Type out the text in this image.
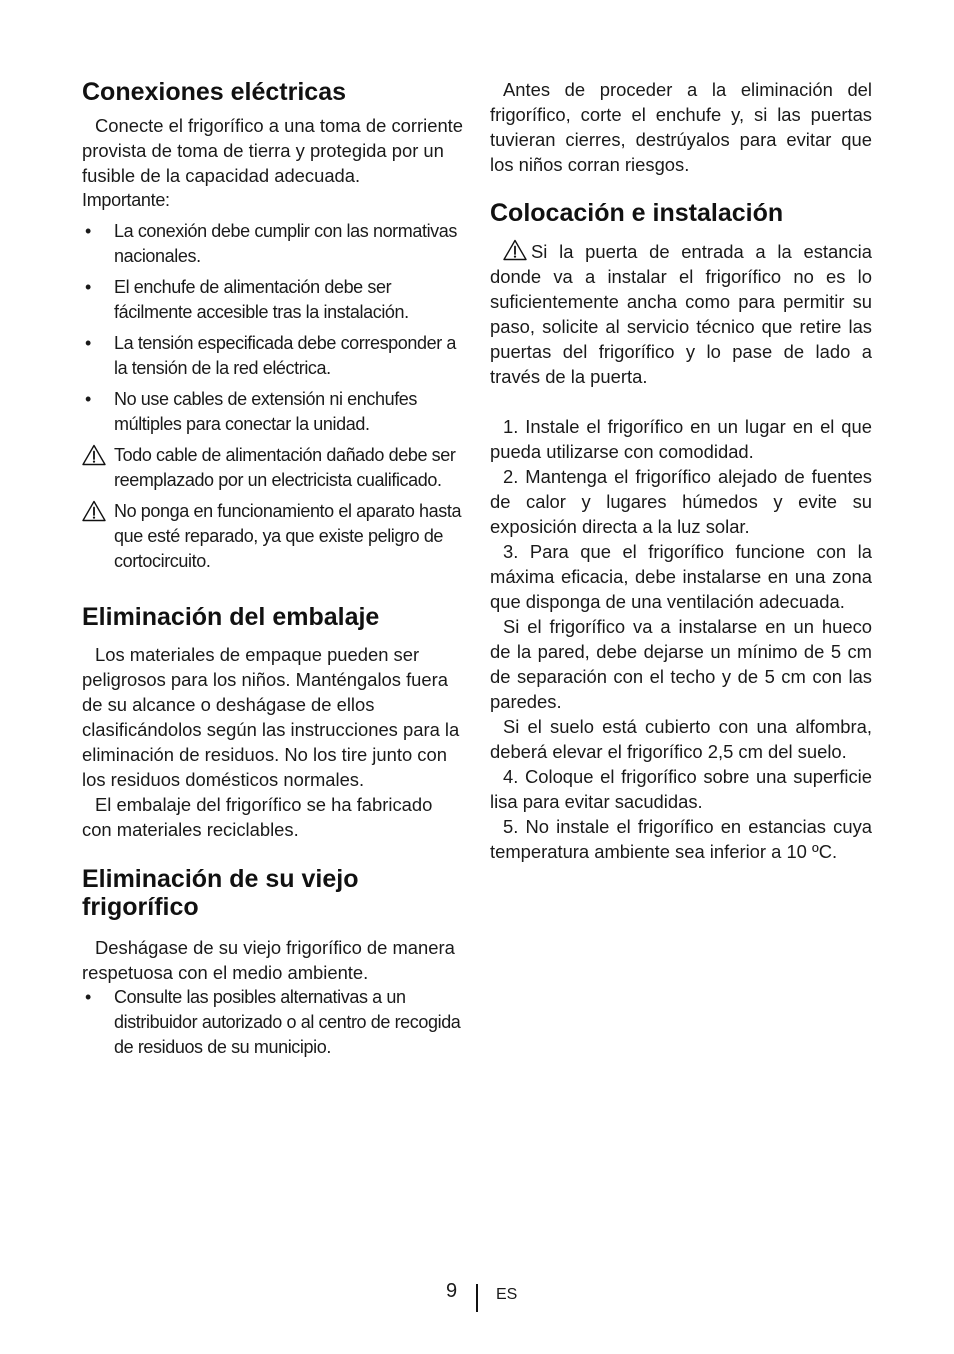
Conexiones eléctricas

Conecte el frigorífico a una toma de corriente provista de toma de tierra y protegida por un fusible de la capacidad adecuada.

Importante:

• La conexión debe cumplir con las normativas nacionales.
• El enchufe de alimentación debe ser fácilmente accesible tras la instalación.
• La tensión especificada debe corresponder a la tensión de la red eléctrica.
• No use cables de extensión ni enchufes múltiples para conectar la unidad.
Todo cable de alimentación dañado debe ser reemplazado por un electricista cualificado.
No ponga en funcionamiento el aparato hasta que esté reparado, ya que existe peligro de cortocircuito.
Eliminación del embalaje

Los materiales de empaque pueden ser peligrosos para los niños. Manténgalos fuera de su alcance o deshágase de ellos clasificándolos según las instrucciones para la eliminación de residuos. No los tire junto con los residuos domésticos normales.

El embalaje del frigorífico se ha fabricado con materiales reciclables.

Eliminación de su viejo
frigorífico

Deshágase de su viejo frigorífico de manera respetuosa con el medio ambiente.

• Consulte las posibles alternativas a un distribuidor autorizado o al centro de recogida de residuos de su municipio.

Antes de proceder a la eliminación del frigorífico, corte el enchufe y, si las puertas tuvieran cierres, destrúyalos para evitar que los niños corran riesgos.

Colocación e instalación

Si la puerta de entrada a la estancia donde va a instalar el frigorífico no es lo suficientemente ancha como para permitir su paso, solicite al servicio técnico que retire las puertas del frigorífico y lo pase de lado a través de la puerta.

1. Instale el frigorífico en un lugar en el que pueda utilizarse con comodidad.

2. Mantenga el frigorífico alejado de fuentes de calor y lugares húmedos y evite su exposición directa a la luz solar.

3. Para que el frigorífico funcione con la máxima eficacia, debe instalarse en una zona que disponga de una ventilación adecuada.

Si el frigorífico va a instalarse en un hueco de la pared, debe dejarse un mínimo de 5 cm de separación con el techo y de 5 cm con las paredes.

Si el suelo está cubierto con una alfombra, deberá elevar el frigorífico 2,5 cm del suelo.

4. Coloque el frigorífico sobre una superficie lisa para evitar sacudidas.

5. No instale el frigorífico en estancias cuya temperatura ambiente sea inferior a 10 ºC.

9 ES
